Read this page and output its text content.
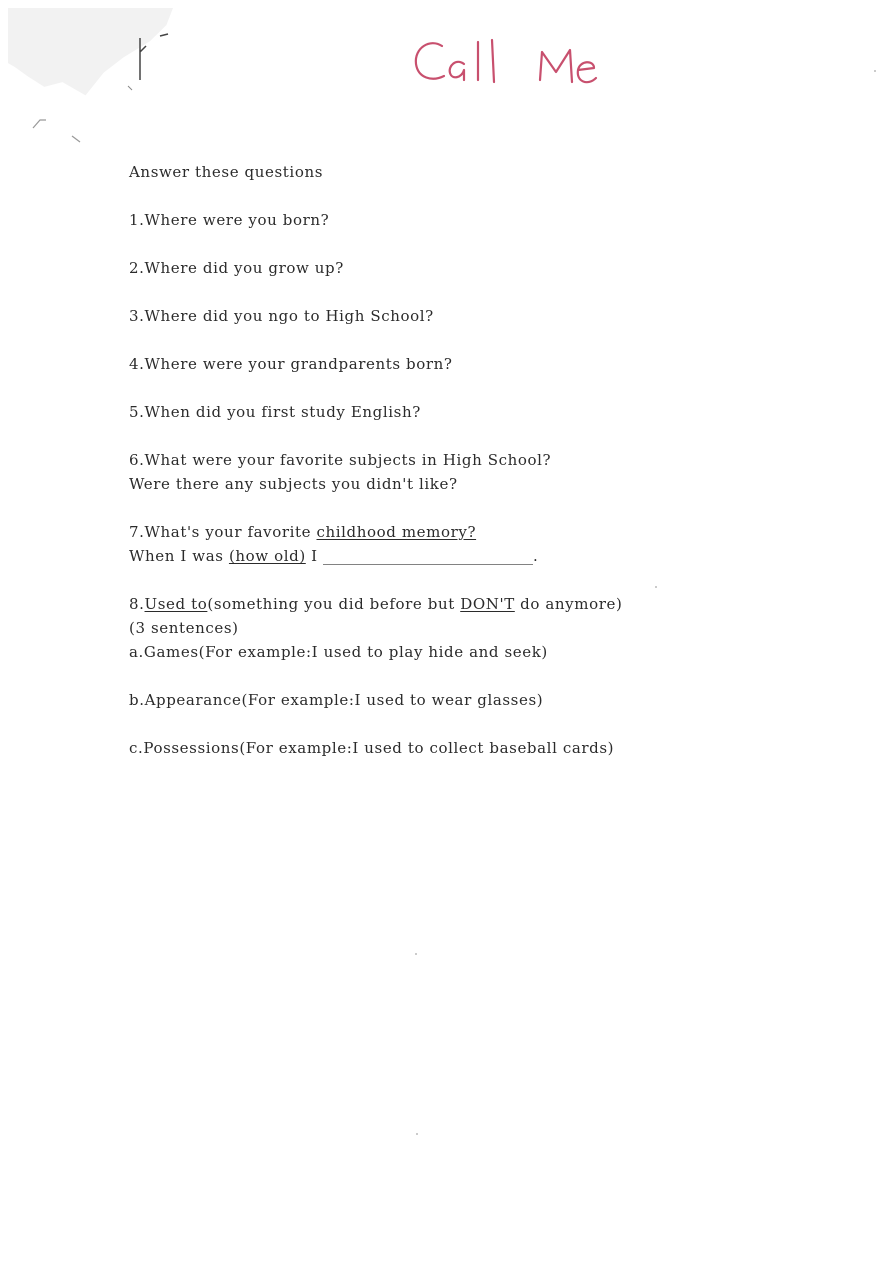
Answer these questions
1.Where were you born?
2.Where did you grow up?
3.Where did you ngo to High School?
4.Where were your grandparents born?
5.When did you first study English?
6.What were your favorite subjects in High School?
Were there any subjects you didn't like?
7.What's your favorite childhood memory?
When I was (how old) I ____________________________.
8.Used to(something you did before but DON'T do anymore)
(3 sentences)
a.Games(For example:I used to play hide and seek)
b.Appearance(For example:I used to wear glasses)
c.Possessions(For example:I used to collect baseball cards)
